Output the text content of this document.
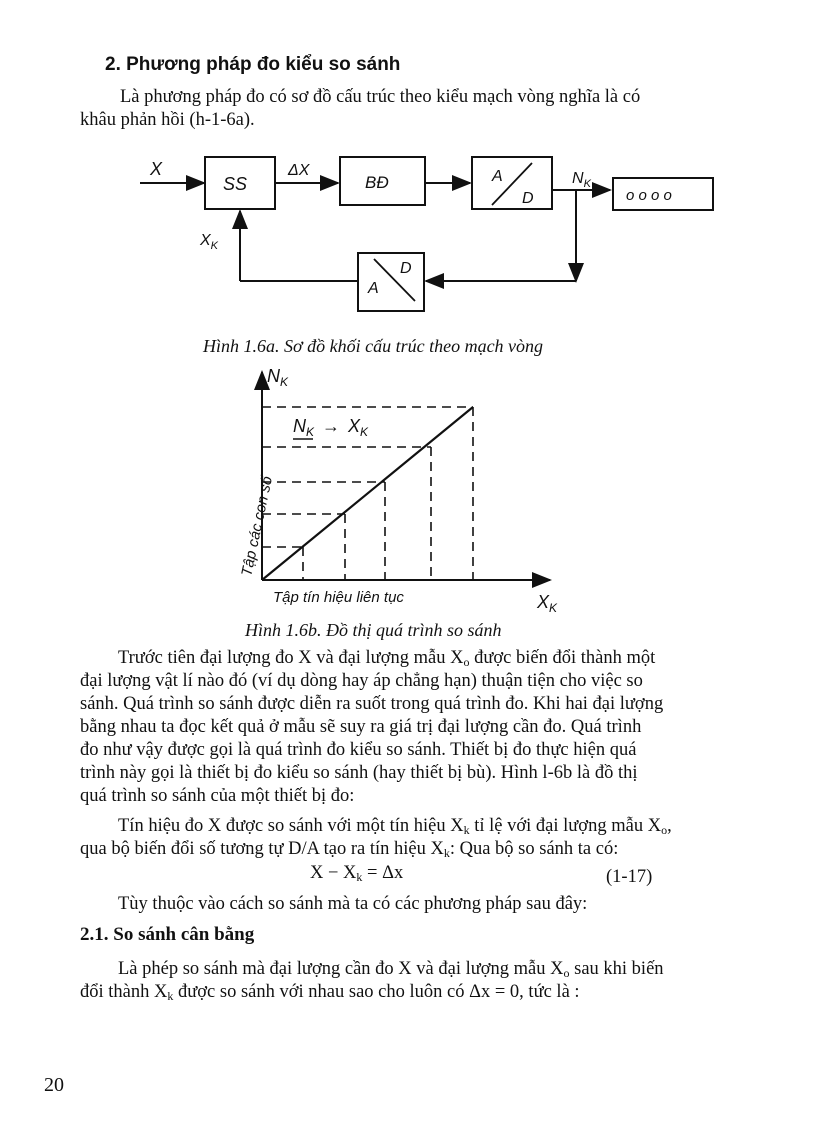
2. Phương pháp đo kiểu so sánh
Là phương pháp đo có sơ đồ cấu trúc theo kiểu mạch vòng nghĩa là có
khâu phản hồi (h-1-6a).
X
SS
ΔX
BĐ	A
D
$N_K$
o o o o
A
D
$X_K$
Hình 1.6a. Sơ đồ khối cấu trúc theo mạch vòng
$N_K$
$X_K$
$N_K \to X_K$
Tập các con số
Tập tín hiệu liên tục
Hình 1.6b. Đồ thị quá trình so sánh
Trước tiên đại lượng đo X và đại lượng mẫu $X_o$ được biến đổi thành một
đại lượng vật lí nào đó (ví dụ dòng hay áp chẳng hạn) thuận tiện cho việc so
sánh. Quá trình so sánh được diễn ra suốt trong quá trình đo. Khi hai đại lượng
bằng nhau ta đọc kết quả ở mẫu sẽ suy ra giá trị đại lượng cần đo. Quá trình
đo như vậy được gọi là quá trình đo kiểu so sánh. Thiết bị đo thực hiện quá
trình này gọi là thiết bị đo kiểu so sánh (hay thiết bị bù). Hình l-6b là đồ thị
quá trình so sánh của một thiết bị đo:
Tín hiệu đo X được so sánh với một tín hiệu $X_k$ tỉ lệ với đại lượng mẫu $X_o$,
qua bộ biến đổi số tương tự D/A tạo ra tín hiệu $X_k$: Qua bộ so sánh ta có:
$X - X_k = \Delta x$	(1-17)
Tùy thuộc vào cách so sánh mà ta có các phương pháp sau đây:
2.1. So sánh cân bằng
Là phép so sánh mà đại lượng cần đo X và đại lượng mẫu $X_o$ sau khi biến
đổi thành $X_k$ được so sánh với nhau sao cho luôn có Δx = 0, tức là :
20
